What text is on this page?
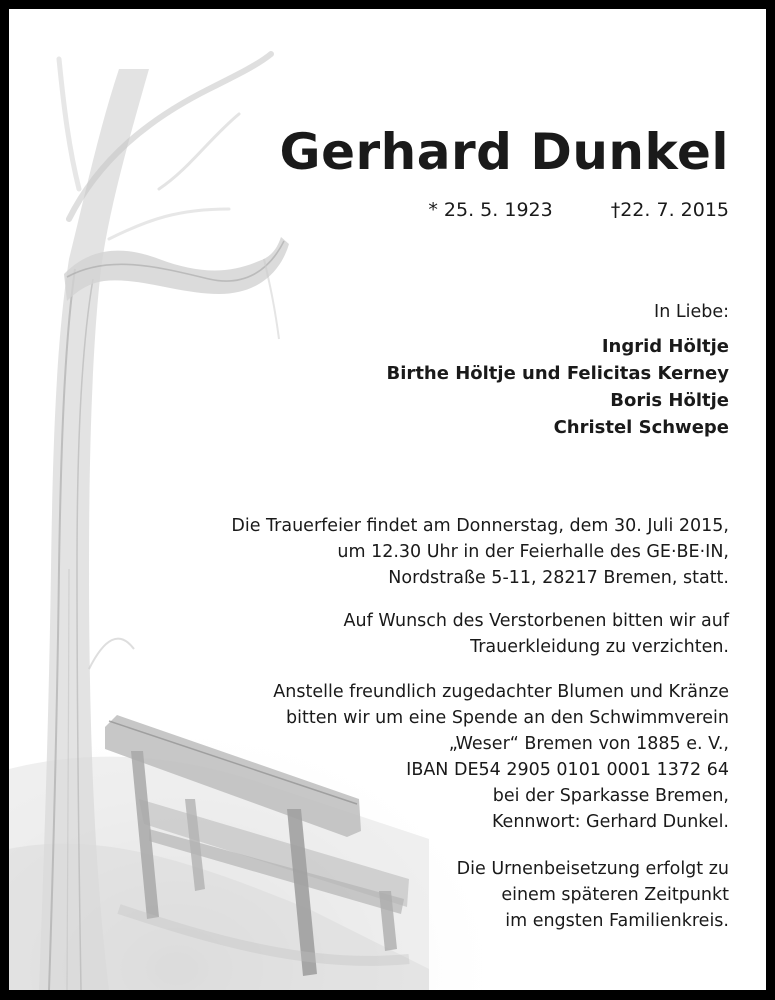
Gerhard Dunkel
* 25. 5. 1923	†22. 7. 2015
In Liebe:
Ingrid Höltje
Birthe Höltje und Felicitas Kerney
Boris Höltje
Christel Schwepe
Die Trauerfeier findet am Donnerstag, dem 30. Juli 2015,
um 12.30 Uhr in der Feierhalle des GE·BE·IN,
Nordstraße 5-11, 28217 Bremen, statt.
Auf Wunsch des Verstorbenen bitten wir auf
Trauerkleidung zu verzichten.
Anstelle freundlich zugedachter Blumen und Kränze
bitten wir um eine Spende an den Schwimmverein
„Weser“ Bremen von 1885 e. V.,
IBAN DE54 2905 0101 0001 1372 64
bei der Sparkasse Bremen,
Kennwort: Gerhard Dunkel.
Die Urnenbeisetzung erfolgt zu
einem späteren Zeitpunkt
im engsten Familienkreis.
